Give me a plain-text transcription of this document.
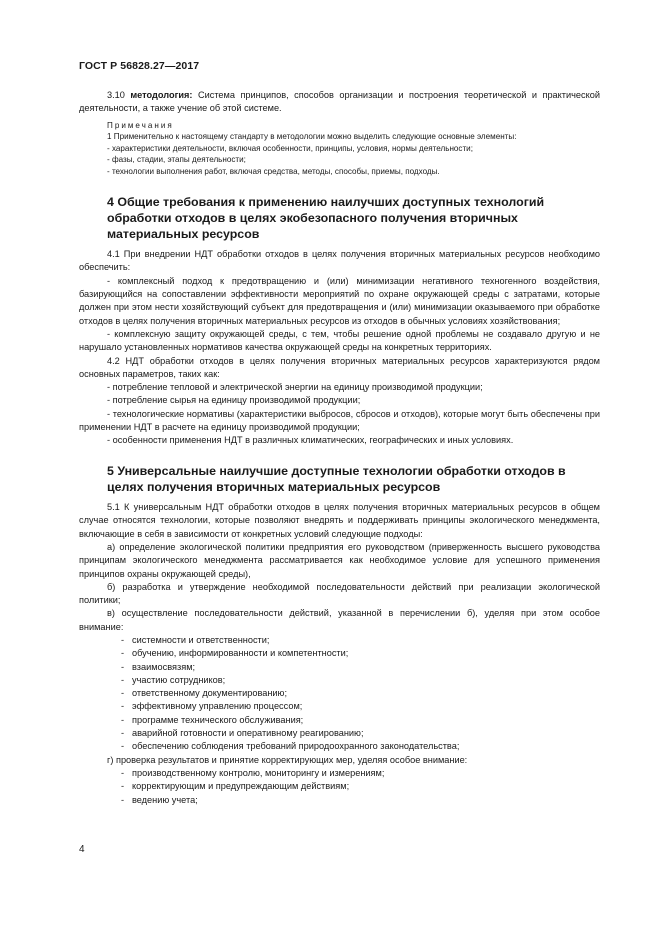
ГОСТ Р 56828.27—2017

3.10 методология: Система принципов, способов организации и построения теоретической и практической деятельности, а также учение об этой системе.

Примечания

1 Применительно к настоящему стандарту в методологии можно выделить следующие основные элементы:

- характеристики деятельности, включая особенности, принципы, условия, нормы деятельности;

- фазы, стадии, этапы деятельности;

- технологии выполнения работ, включая средства, методы, способы, приемы, подходы.

4 Общие требования к применению наилучших доступных технологий обработки отходов в целях экобезопасного получения вторичных материальных ресурсов

4.1 При внедрении НДТ обработки отходов в целях получения вторичных материальных ресурсов необходимо обеспечить:

- комплексный подход к предотвращению и (или) минимизации негативного техногенного воздействия, базирующийся на сопоставлении эффективности мероприятий по охране окружающей среды с затратами, которые должен при этом нести хозяйствующий субъект для предотвращения и (или) минимизации оказываемого при обработке отходов в целях получения вторичных материальных ресурсов из отходов в обычных условиях хозяйствования;

- комплексную защиту окружающей среды, с тем, чтобы решение одной проблемы не создавало другую и не нарушало установленных нормативов качества окружающей среды на конкретных территориях.

4.2 НДТ обработки отходов в целях получения вторичных материальных ресурсов характеризуются рядом основных параметров, таких как:

- потребление тепловой и электрической энергии на единицу производимой продукции;

- потребление сырья на единицу производимой продукции;

- технологические нормативы (характеристики выбросов, сбросов и отходов), которые могут быть обеспечены при применении НДТ в расчете на единицу производимой продукции;

- особенности применения НДТ в различных климатических, географических и иных условиях.

5 Универсальные наилучшие доступные технологии обработки отходов в целях получения вторичных материальных ресурсов

5.1 К универсальным НДТ обработки отходов в целях получения вторичных материальных ресурсов в общем случае относятся технологии, которые позволяют внедрять и поддерживать принципы экологического менеджмента, включающие в себя в зависимости от конкретных условий следующие подходы:

а) определение экологической политики предприятия его руководством (приверженность высшего руководства принципам экологического менеджмента рассматривается как необходимое условие для успешного применения принципов охраны окружающей среды),

б) разработка и утверждение необходимой последовательности действий при реализации экологической политики;

в) осуществление последовательности действий, указанной в перечислении б), уделяя при этом особое внимание:

- системности и ответственности;

- обучению, информированности и компетентности;

- взаимосвязям;

- участию сотрудников;

- ответственному документированию;

- эффективному управлению процессом;

- программе технического обслуживания;

- аварийной готовности и оперативному реагированию;

- обеспечению соблюдения требований природоохранного законодательства;

г) проверка результатов и принятие корректирующих мер, уделяя особое внимание:

- производственному контролю, мониторингу и измерениям;

- корректирующим и предупреждающим действиям;

- ведению учета;

4
